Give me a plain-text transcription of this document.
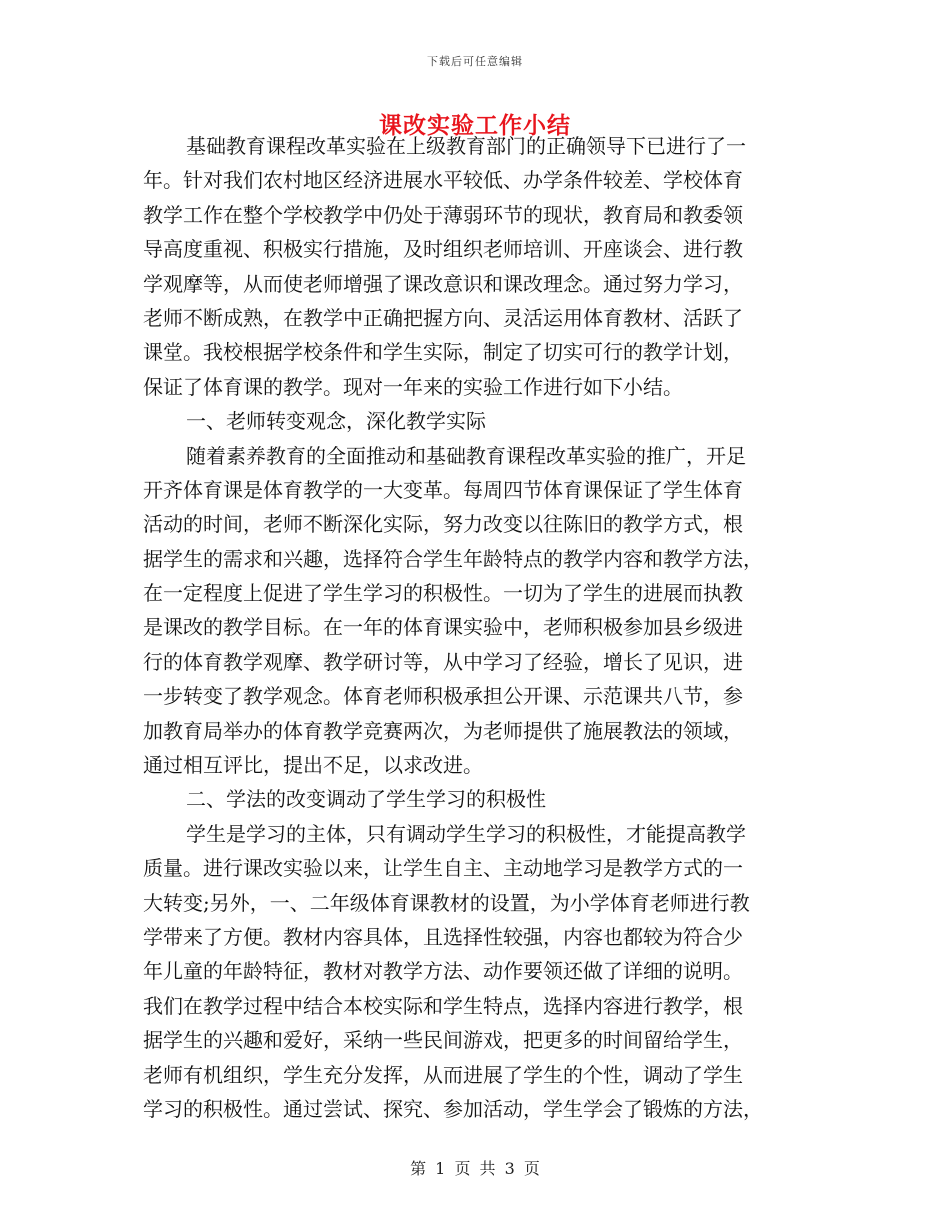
下载后可任意编辑
课改实验工作小结
基础教育课程改革实验在上级教育部门的正确领导下已进行了一
年。针对我们农村地区经济进展水平较低、办学条件较差、学校体育
教学工作在整个学校教学中仍处于薄弱环节的现状，教育局和教委领
导高度重视、积极实行措施，及时组织老师培训、开座谈会、进行教
学观摩等，从而使老师增强了课改意识和课改理念。通过努力学习，
老师不断成熟，在教学中正确把握方向、灵活运用体育教材、活跃了
课堂。我校根据学校条件和学生实际，制定了切实可行的教学计划，
保证了体育课的教学。现对一年来的实验工作进行如下小结。
一、老师转变观念，深化教学实际
随着素养教育的全面推动和基础教育课程改革实验的推广，开足
开齐体育课是体育教学的一大变革。每周四节体育课保证了学生体育
活动的时间，老师不断深化实际，努力改变以往陈旧的教学方式，根
据学生的需求和兴趣，选择符合学生年龄特点的教学内容和教学方法，
在一定程度上促进了学生学习的积极性。一切为了学生的进展而执教
是课改的教学目标。在一年的体育课实验中，老师积极参加县乡级进
行的体育教学观摩、教学研讨等，从中学习了经验，增长了见识，进
一步转变了教学观念。体育老师积极承担公开课、示范课共八节，参
加教育局举办的体育教学竞赛两次，为老师提供了施展教法的领域，
通过相互评比，提出不足，以求改进。
二、学法的改变调动了学生学习的积极性
学生是学习的主体，只有调动学生学习的积极性，才能提高教学
质量。进行课改实验以来，让学生自主、主动地学习是教学方式的一
大转变;另外，一、二年级体育课教材的设置，为小学体育老师进行教
学带来了方便。教材内容具体，且选择性较强，内容也都较为符合少
年儿童的年龄特征，教材对教学方法、动作要领还做了详细的说明。
我们在教学过程中结合本校实际和学生特点，选择内容进行教学，根
据学生的兴趣和爱好，采纳一些民间游戏，把更多的时间留给学生，
老师有机组织，学生充分发挥，从而进展了学生的个性，调动了学生
学习的积极性。通过尝试、探究、参加活动，学生学会了锻炼的方法，
第 1 页 共 3 页
